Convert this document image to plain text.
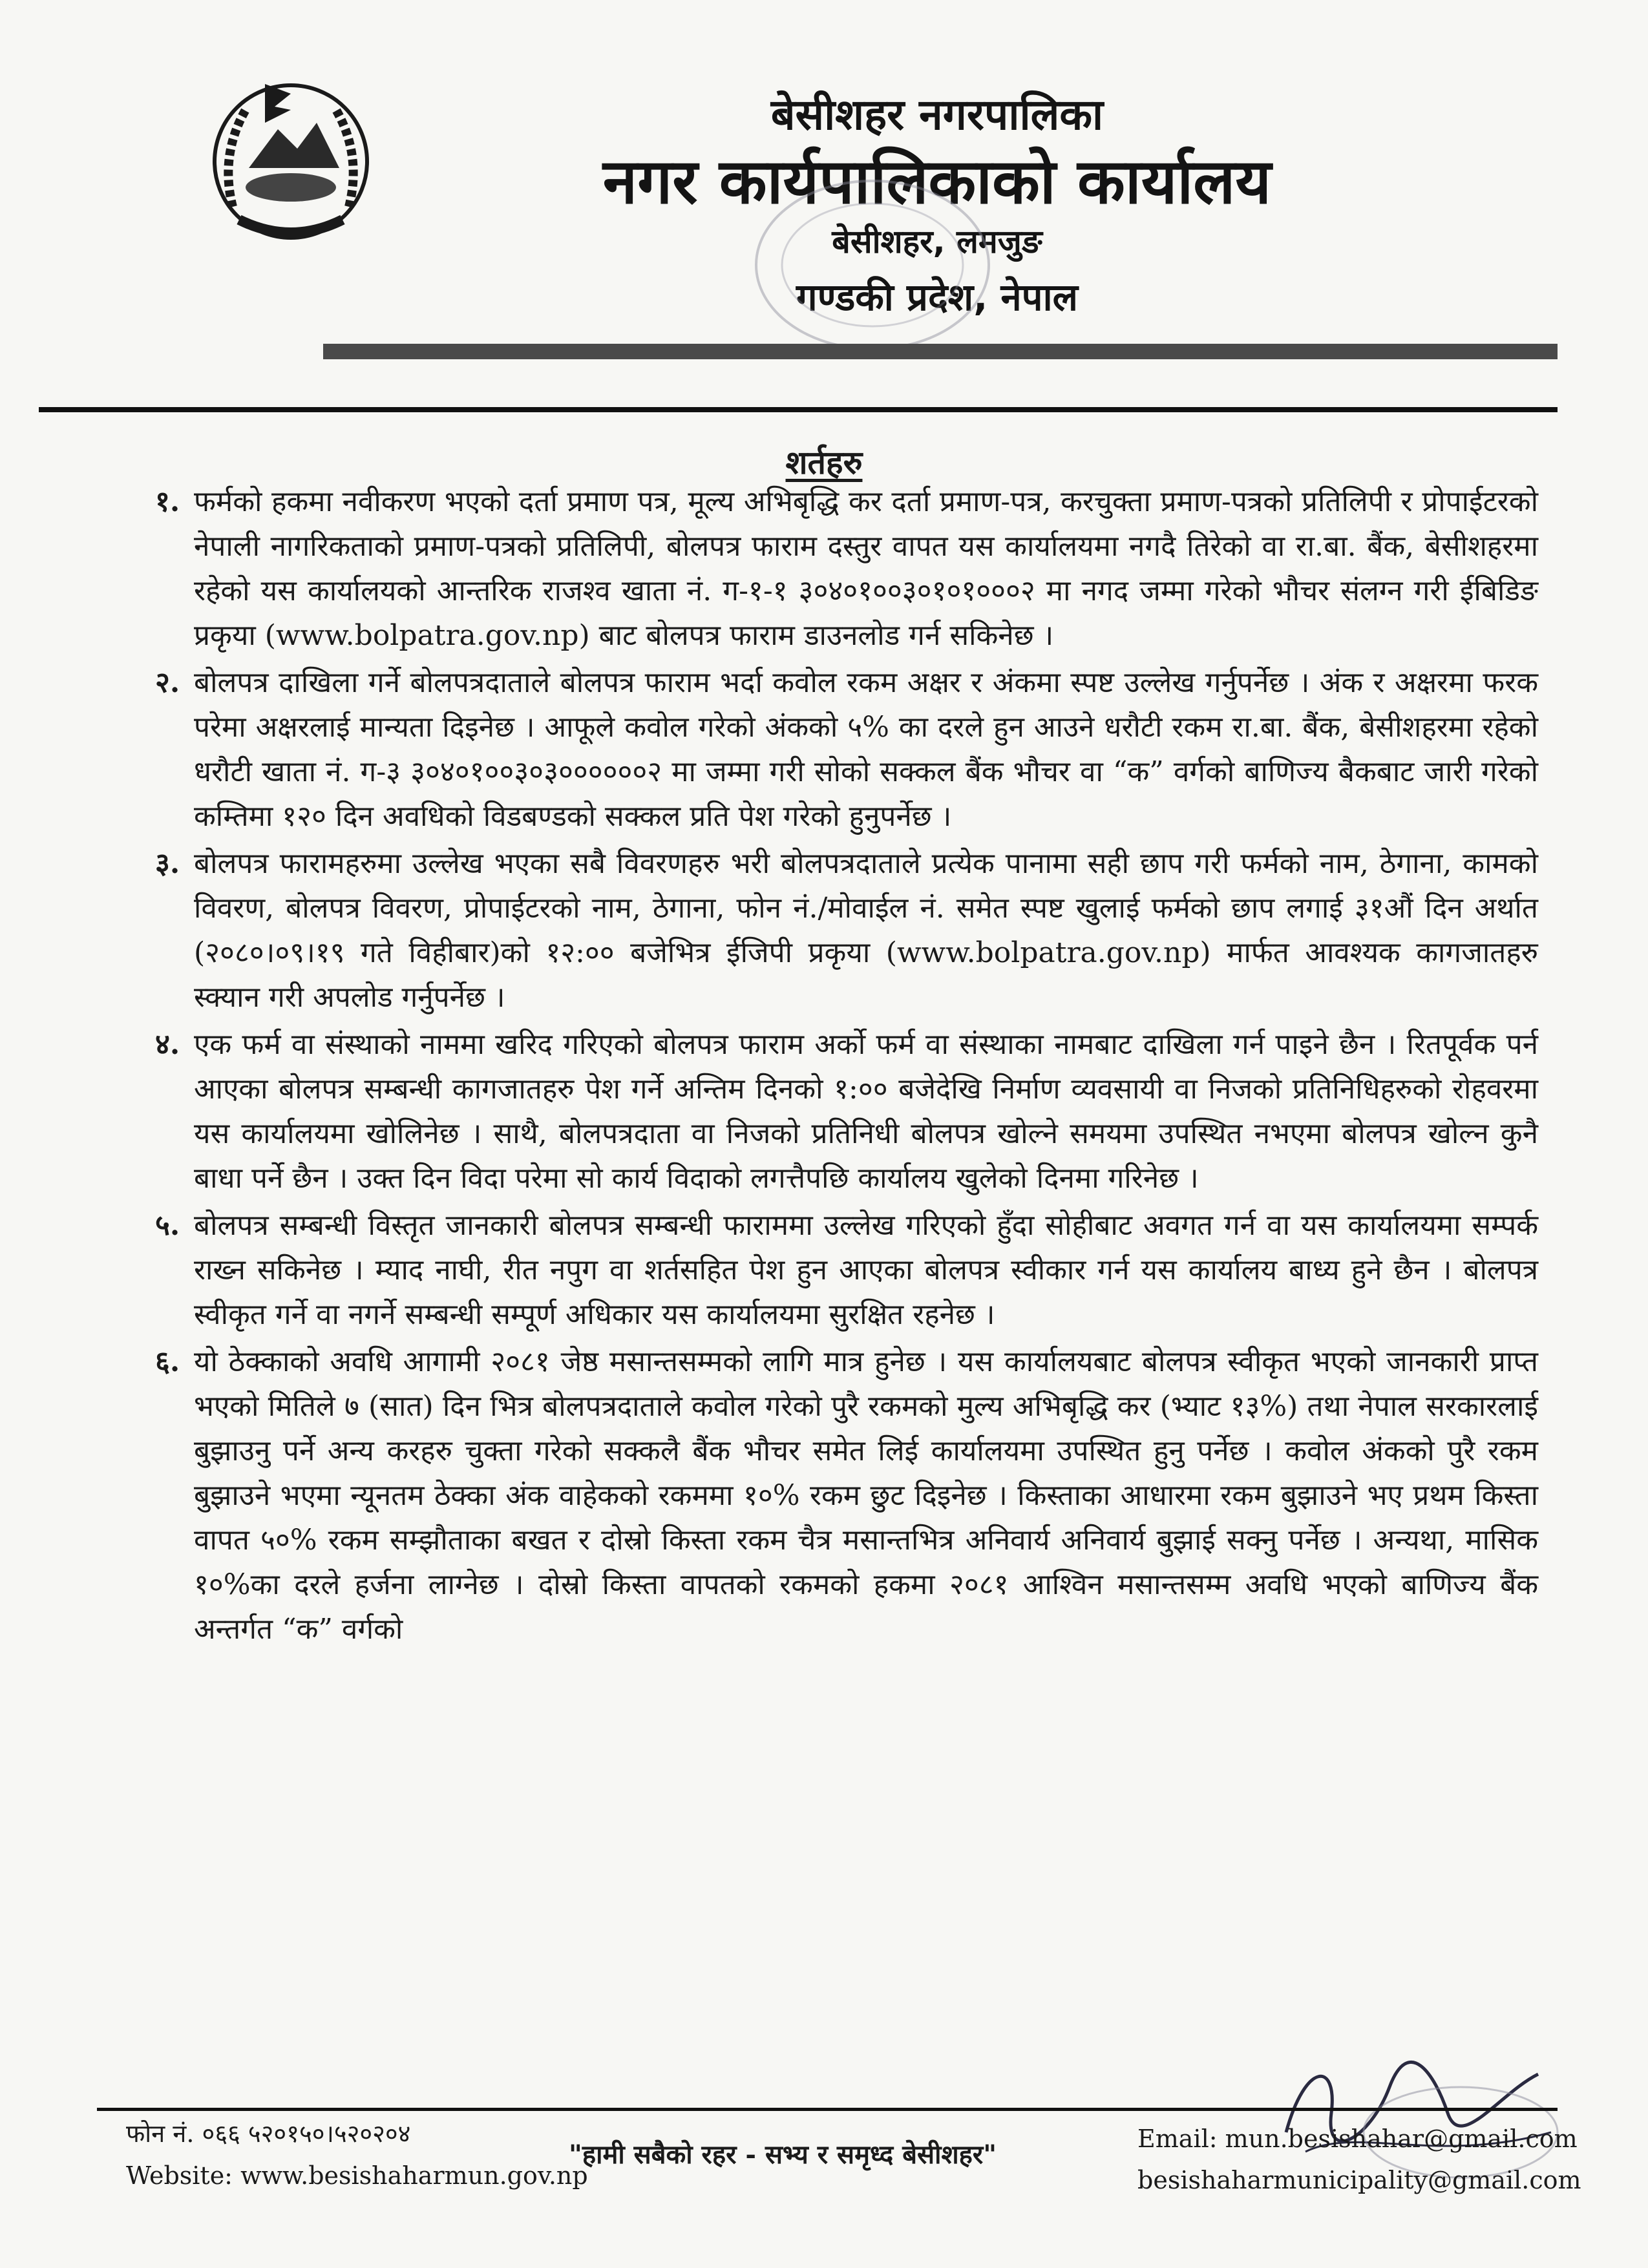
बेसीशहर नगरपालिका
नगर कार्यपालिकाको कार्यालय
बेसीशहर, लमजुङ
गण्डकी प्रदेश, नेपाल
शर्तहरु
१. फर्मको हकमा नवीकरण भएको दर्ता प्रमाण पत्र, मूल्य अभिबृद्धि कर दर्ता प्रमाण-पत्र, करचुक्ता प्रमाण-पत्रको प्रतिलिपी र प्रोपाईटरको नेपाली नागरिकताको प्रमाण-पत्रको प्रतिलिपी, बोलपत्र फाराम दस्तुर वापत यस कार्यालयमा नगदै तिरेको वा रा.बा. बैंक, बेसीशहरमा रहेको यस कार्यालयको आन्तरिक राजश्व खाता नं. ग-१-१ ३०४०१००३०१०१०००२ मा नगद जम्मा गरेको भौचर संलग्न गरी ईबिडिङ प्रकृया (www.bolpatra.gov.np) बाट बोलपत्र फाराम डाउनलोड गर्न सकिनेछ ।
२. बोलपत्र दाखिला गर्ने बोलपत्रदाताले बोलपत्र फाराम भर्दा कवोल रकम अक्षर र अंकमा स्पष्ट उल्लेख गर्नुपर्नेछ । अंक र अक्षरमा फरक परेमा अक्षरलाई मान्यता दिइनेछ । आफूले कवोल गरेको अंकको ५% का दरले हुन आउने धरौटी रकम रा.बा. बैंक, बेसीशहरमा रहेको धरौटी खाता नं. ग-३ ३०४०१००३०३००००००२ मा जम्मा गरी सोको सक्कल बैंक भौचर वा “क” वर्गको बाणिज्य बैकबाट जारी गरेको कम्तिमा १२० दिन अवधिको विडबण्डको सक्कल प्रति पेश गरेको हुनुपर्नेछ ।
३. बोलपत्र फारामहरुमा उल्लेख भएका सबै विवरणहरु भरी बोलपत्रदाताले प्रत्येक पानामा सही छाप गरी फर्मको नाम, ठेगाना, कामको विवरण, बोलपत्र विवरण, प्रोपाईटरको नाम, ठेगाना, फोन नं./मोवाईल नं. समेत स्पष्ट खुलाई फर्मको छाप लगाई ३१औं दिन अर्थात (२०८०।०९।१९ गते विहीबार)को १२:०० बजेभित्र ईजिपी प्रकृया (www.bolpatra.gov.np) मार्फत आवश्यक कागजातहरु स्क्यान गरी अपलोड गर्नुपर्नेछ ।
४. एक फर्म वा संस्थाको नाममा खरिद गरिएको बोलपत्र फाराम अर्को फर्म वा संस्थाका नामबाट दाखिला गर्न पाइने छैन । रितपूर्वक पर्न आएका बोलपत्र सम्बन्धी कागजातहरु पेश गर्ने अन्तिम दिनको १:०० बजेदेखि निर्माण व्यवसायी वा निजको प्रतिनिधिहरुको रोहवरमा यस कार्यालयमा खोलिनेछ । साथै, बोलपत्रदाता वा निजको प्रतिनिधी बोलपत्र खोल्ने समयमा उपस्थित नभएमा बोलपत्र खोल्न कुनै बाधा पर्ने छैन । उक्त दिन विदा परेमा सो कार्य विदाको लगत्तैपछि कार्यालय खुलेको दिनमा गरिनेछ ।
५. बोलपत्र सम्बन्धी विस्तृत जानकारी बोलपत्र सम्बन्धी फाराममा उल्लेख गरिएको हुँदा सोहीबाट अवगत गर्न वा यस कार्यालयमा सम्पर्क राख्न सकिनेछ । म्याद नाघी, रीत नपुग वा शर्तसहित पेश हुन आएका बोलपत्र स्वीकार गर्न यस कार्यालय बाध्य हुने छैन । बोलपत्र स्वीकृत गर्ने वा नगर्ने सम्बन्धी सम्पूर्ण अधिकार यस कार्यालयमा सुरक्षित रहनेछ ।
६. यो ठेक्काको अवधि आगामी २०८१ जेष्ठ मसान्तसम्मको लागि मात्र हुनेछ । यस कार्यालयबाट बोलपत्र स्वीकृत भएको जानकारी प्राप्त भएको मितिले ७ (सात) दिन भित्र बोलपत्रदाताले कवोल गरेको पुरै रकमको मुल्य अभिबृद्धि कर (भ्याट १३%) तथा नेपाल सरकारलाई बुझाउनु पर्ने अन्य करहरु चुक्ता गरेको सक्कलै बैंक भौचर समेत लिई कार्यालयमा उपस्थित हुनु पर्नेछ । कवोल अंकको पुरै रकम बुझाउने भएमा न्यूनतम ठेक्का अंक वाहेकको रकममा १०% रकम छुट दिइनेछ । किस्ताका आधारमा रकम बुझाउने भए प्रथम किस्ता वापत ५०% रकम सम्झौताका बखत र दोस्रो किस्ता रकम चैत्र मसान्तभित्र अनिवार्य अनिवार्य बुझाई सक्नु पर्नेछ । अन्यथा, मासिक १०%का दरले हर्जना लाग्नेछ । दोस्रो किस्ता वापतको रकमको हकमा २०८१ आश्विन मसान्तसम्म अवधि भएको बाणिज्य बैंक अन्तर्गत “क” वर्गको
फोन नं. ०६६ ५२०१५०।५२०२०४
Website: www.besishaharmun.gov.np
"हामी सबैको रहर - सभ्य र समृध्द बेसीशहर"
Email: mun.besishahar@gmail.com
besishaharmunicipality@gmail.com
